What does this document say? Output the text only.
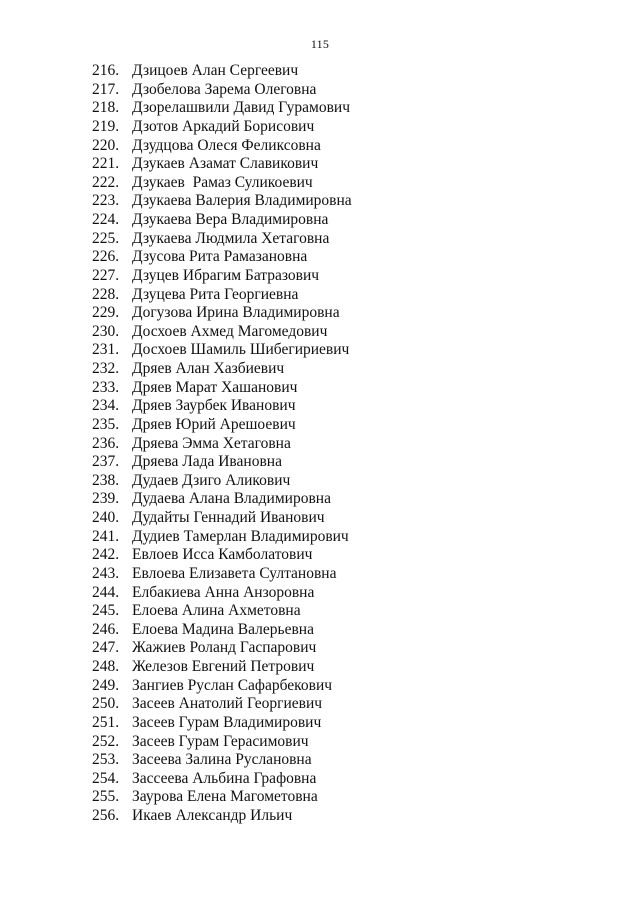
115
216. Дзицоев Алан Сергеевич
217. Дзобелова Зарема Олеговна
218. Дзорелашвили Давид Гурамович
219. Дзотов Аркадий Борисович
220. Дзудцова Олеся Феликсовна
221. Дзукаев Азамат Славикович
222. Дзукаев  Рамаз Суликоевич
223. Дзукаева Валерия Владимировна
224. Дзукаева Вера Владимировна
225. Дзукаева Людмила Хетаговна
226. Дзусова Рита Рамазановна
227. Дзуцев Ибрагим Батразович
228. Дзуцева Рита Георгиевна
229. Догузова Ирина Владимировна
230. Досхоев Ахмед Магомедович
231. Досхоев Шамиль Шибегириевич
232. Дряев Алан Хазбиевич
233. Дряев Марат Хашанович
234. Дряев Заурбек Иванович
235. Дряев Юрий Арешоевич
236. Дряева Эмма Хетаговна
237. Дряева Лада Ивановна
238. Дудаев Дзиго Аликович
239. Дудаева Алана Владимировна
240. Дудайты Геннадий Иванович
241. Дудиев Тамерлан Владимирович
242. Евлоев Исса Камболатович
243. Евлоева Елизавета Султановна
244. Елбакиева Анна Анзоровна
245. Елоева Алина Ахметовна
246. Елоева Мадина Валерьевна
247. Жажиев Роланд Гаспарович
248. Железов Евгений Петрович
249. Зангиев Руслан Сафарбекович
250. Засеев Анатолий Георгиевич
251. Засеев Гурам Владимирович
252. Засеев Гурам Герасимович
253. Засеева Залина Руслановна
254. Зассеева Альбина Графовна
255. Заурова Елена Магометовна
256. Икаев Александр Ильич
